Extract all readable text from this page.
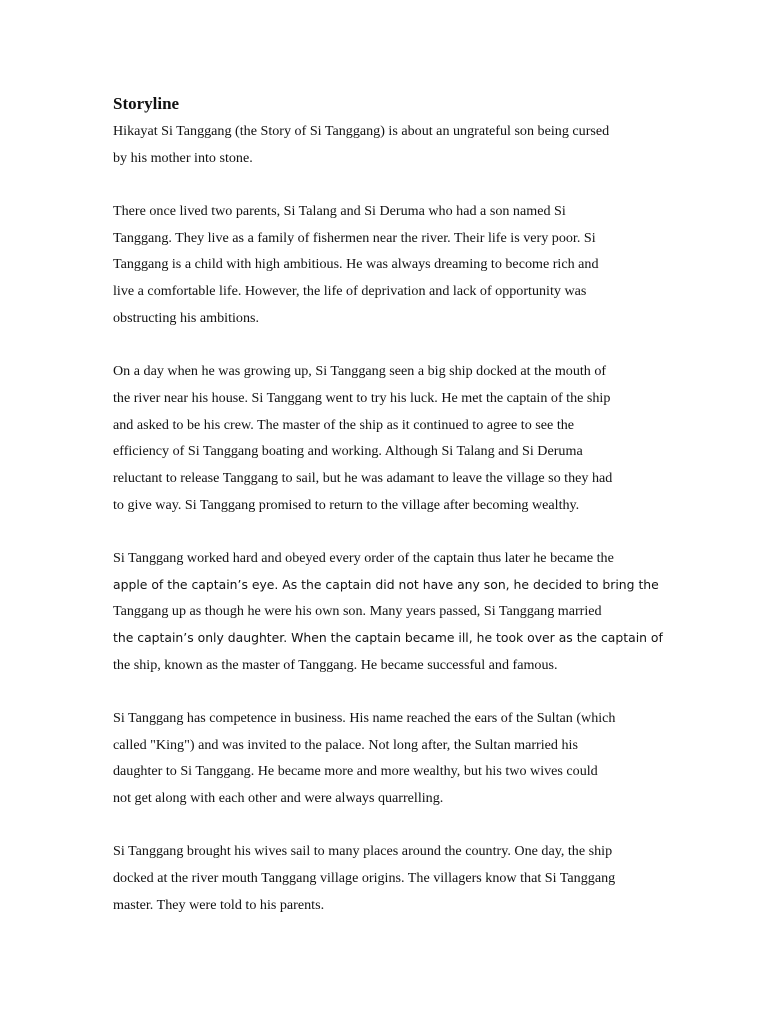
Storyline

Hikayat Si Tanggang (the Story of Si Tanggang) is about an ungrateful son being cursed
by his mother into stone.

There once lived two parents, Si Talang and Si Deruma who had a son named Si
Tanggang. They live as a family of fishermen near the river. Their life is very poor. Si
Tanggang is a child with high ambitious. He was always dreaming to become rich and
live a comfortable life. However, the life of deprivation and lack of opportunity was
obstructing his ambitions.

On a day when he was growing up, Si Tanggang seen a big ship docked at the mouth of
the river near his house. Si Tanggang went to try his luck. He met the captain of the ship
and asked to be his crew. The master of the ship as it continued to agree to see the
efficiency of Si Tanggang boating and working. Although Si Talang and Si Deruma
reluctant to release Tanggang to sail, but he was adamant to leave the village so they had
to give way. Si Tanggang promised to return to the village after becoming wealthy.

Si Tanggang worked hard and obeyed every order of the captain thus later he became the
apple of the captain’s eye. As the captain did not have any son, he decided to bring the
Tanggang up as though he were his own son. Many years passed, Si Tanggang married
the captain’s only daughter. When the captain became ill, he took over as the captain of
the ship, known as the master of Tanggang. He became successful and famous.

Si Tanggang has competence in business. His name reached the ears of the Sultan (which
called "King") and was invited to the palace. Not long after, the Sultan married his
daughter to Si Tanggang. He became more and more wealthy, but his two wives could
not get along with each other and were always quarrelling.

Si Tanggang brought his wives sail to many places around the country. One day, the ship
docked at the river mouth Tanggang village origins. The villagers know that Si Tanggang
master. They were told to his parents.
